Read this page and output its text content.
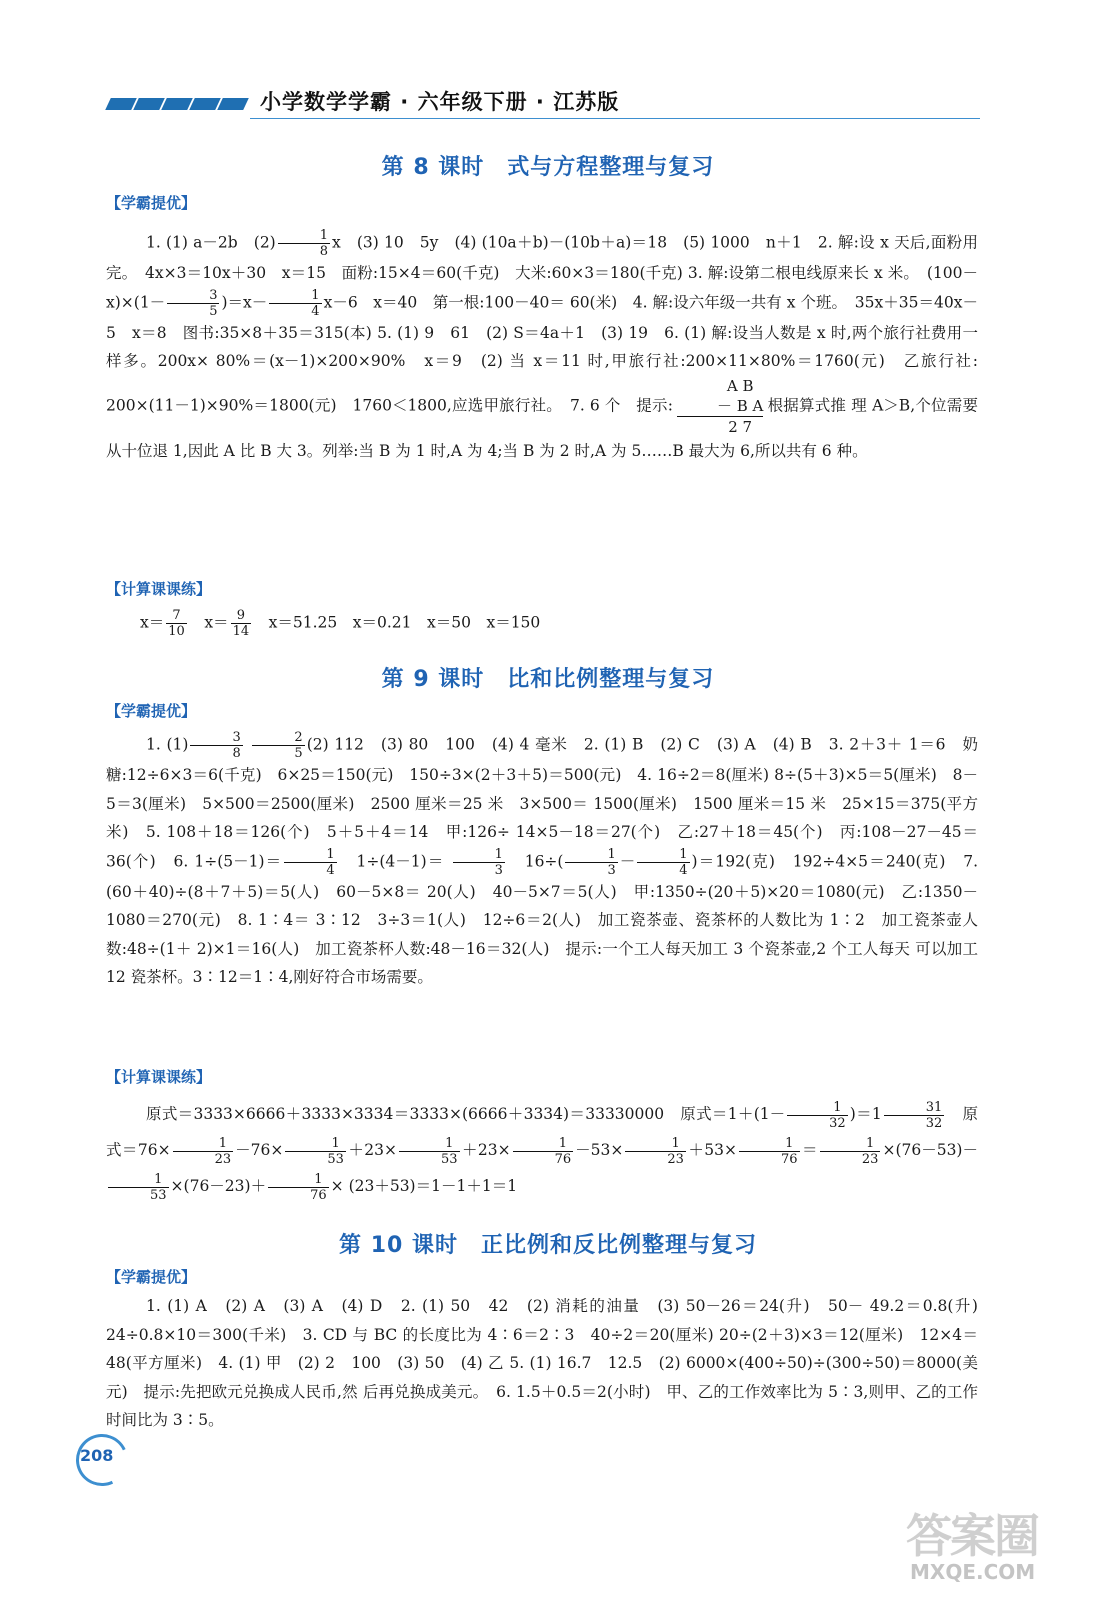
小学数学学霸 · 六年级下册 · 江苏版
第 8 课时　式与方程整理与复习
【学霸提优】
1. (1) a－2b　$(2) \frac{1}{8}$ x　(3) 10　5y　(4) (10a＋b)－(10b＋a)＝18　(5) 1000　n＋1　2. 解:设 x 天后,面粉用完。　4x×3＝10x＋30　x＝15　面粉:15×4＝60(千克)　大米:60×3＝180(千克) 3. 解:设第二根电线原来长 x 米。　$(100-x)\times(1- \frac{3}{5} )=x- \frac{1}{4} x-6$　x＝40　第一根:100－40＝ 60(米)　4. 解:设六年级一共有 x 个班。　35x＋35＝40x－5　x＝8　图书:35×8＋35＝315(本) 5. (1) 9　61　(2) S＝4a＋1　(3) 19　6. (1) 解:设当人数是 x 时,两个旅行社费用一样多。200x× 80%＝(x－1)×200×90%　x＝9　(2) 当 x＝11 时,甲旅行社:200×11×80%＝1760(元)　乙旅行社: 200×(11－1)×90%＝1800(元)　1760＜1800,应选甲旅行社。　7. 6 个　提示:
A B
－ B A
2 7
根据算式推 理 A＞B,个位需要从十位退 1,因此 A 比 B 大 3。列举:当 B 为 1 时,A 为 4;当 B 为 2 时,A 为 5……B 最大为 6,所以共有 6 种。
【计算课课练】
$x= \frac{7}{10}$
　 $x= \frac{9}{14}$
　 x＝51.25　x＝0.21　x＝50　x＝150
第 9 课时　比和比例整理与复习
【学霸提优】
1. $(1) \frac{3}{8}$
$\frac{2}{5} (2)$ 112　(3) 80　100　(4) 4 毫米　2. (1) B　(2) C　(3) A　(4) B　3. 2＋3＋ 1＝6　奶糖:12÷6×3＝6(千克)　6×25＝150(元)　150÷3×(2＋3＋5)＝500(元)　4. 16÷2＝8(厘米) 8÷(5＋3)×5＝5(厘米)　8－5＝3(厘米)　5×500＝2500(厘米)　2500 厘米＝25 米　3×500＝ 1500(厘米)　1500 厘米＝15 米　25×15＝375(平方米)　5. 108＋18＝126(个)　5＋5＋4＝14　甲:126÷ 14×5－18＝27(个)　乙:27＋18＝45(个)　丙:108－27－45＝36(个)　6. $1\div(5-1)= \frac{1}{4}$
　 $1\div(4-1)= \frac{1}{3}$
　 $16\div( \frac{1}{3} - \frac{1}{4} )=192$(克)　192÷4×5＝240(克)　7. (60＋40)÷(8＋7＋5)＝5(人)　60－5×8＝ 20(人)　40－5×7＝5(人)　甲:1350÷(20＋5)×20＝1080(元)　乙:1350－1080＝270(元)　8. 1∶4＝ 3∶12　3÷3＝1(人)　12÷6＝2(人)　加工瓷茶壶、瓷茶杯的人数比为 1∶2　加工瓷茶壶人数:48÷(1＋ 2)×1＝16(人)　加工瓷茶杯人数:48－16＝32(人)　提示:一个工人每天加工 3 个瓷茶壶,2 个工人每天 可以加工 12 瓷茶杯。3∶12＝1∶4,刚好符合市场需要。
【计算课课练】
原式＝3333×6666＋3333×3334＝3333×(6666＋3334)＝33330000　原式$=1+(1- \frac{1}{32} )=1 \frac{31}{32}$
　 原 式$=76\times \frac{1}{23} -76\times \frac{1}{53} +23\times \frac{1}{53} +23\times \frac{1}{76} -53\times \frac{1}{23} +53\times \frac{1}{76} = \frac{1}{23} \times(76-53)-$
$\frac{1}{53} \times(76-23)+ \frac{1}{76} \times (23+53)=1-1+1=1$
第 10 课时　正比例和反比例整理与复习
【学霸提优】
1. (1) A　(2) A　(3) A　(4) D　2. (1) 50　42　(2) 消耗的油量　(3) 50－26＝24(升)　50－ 49.2＝0.8(升)　24÷0.8×10＝300(千米)　3. CD 与 BC 的长度比为 4∶6＝2∶3　40÷2＝20(厘米) 20÷(2＋3)×3＝12(厘米)　12×4＝48(平方厘米)　4. (1) 甲　(2) 2　100　(3) 50　(4) 乙 5. (1) 16.7　12.5　(2) 6000×(400÷50)÷(300÷50)＝8000(美元)　提示:先把欧元兑换成人民币,然 后再兑换成美元。　6. 1.5＋0.5＝2(小时)　甲、乙的工作效率比为 5∶3,则甲、乙的工作时间比为 3∶5。
208
答案圈
MXQE.COM
